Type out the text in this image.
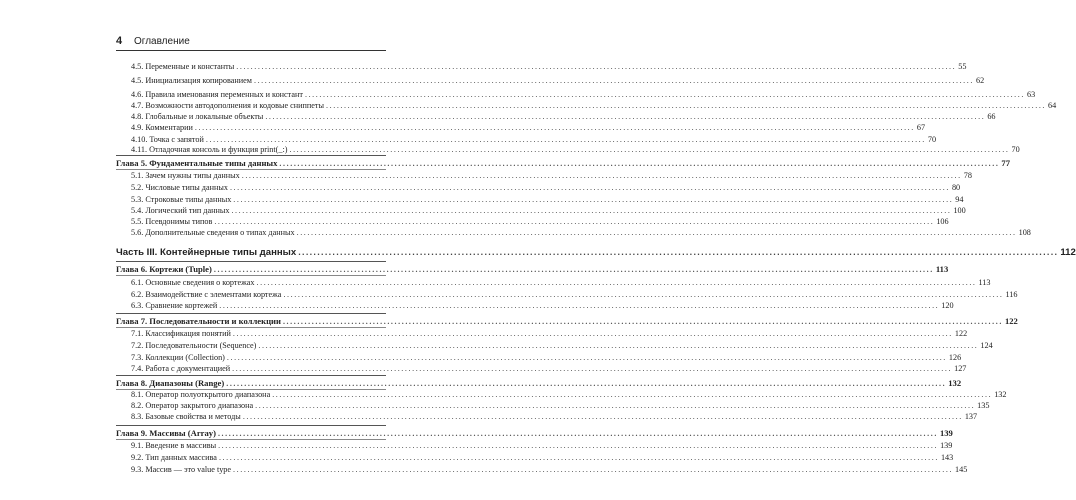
4 Оглавление
4.5. Переменные и константы ........................................................................................................................................................................................................ 55
4.5. Инициализация копированием ........................................................................................................................................................................................................ 62
4.6. Правила именования переменных и констант ........................................................................................................................................................................................................ 63
4.7. Возможности автодополнения и кодовые сниппеты ........................................................................................................................................................................................................ 64
4.8. Глобальные и локальные объекты ........................................................................................................................................................................................................ 66
4.9. Комментарии ........................................................................................................................................................................................................ 67
4.10. Точка с запятой ........................................................................................................................................................................................................ 70
4.11. Отладочная консоль и функция print(_:) ........................................................................................................................................................................................................ 70
Глава 5. Фундаментальные типы данных ........................................................................................................................................................................................................ 77
5.1. Зачем нужны типы данных ........................................................................................................................................................................................................ 78
5.2. Числовые типы данных ........................................................................................................................................................................................................ 80
5.3. Строковые типы данных ........................................................................................................................................................................................................ 94
5.4. Логический тип данных ........................................................................................................................................................................................................ 100
5.5. Псевдонимы типов ........................................................................................................................................................................................................ 106
5.6. Дополнительные сведения о типах данных ........................................................................................................................................................................................................ 108
Часть III. Контейнерные типы данных ........................................................................................................................................................................................................ 112
Глава 6. Кортежи (Tuple) ........................................................................................................................................................................................................ 113
6.1. Основные сведения о кортежах ........................................................................................................................................................................................................ 113
6.2. Взаимодействие с элементами кортежа ........................................................................................................................................................................................................ 116
6.3. Сравнение кортежей ........................................................................................................................................................................................................ 120
Глава 7. Последовательности и коллекции ........................................................................................................................................................................................................ 122
7.1. Классификация понятий ........................................................................................................................................................................................................ 122
7.2. Последовательности (Sequence) ........................................................................................................................................................................................................ 124
7.3. Коллекции (Collection) ........................................................................................................................................................................................................ 126
7.4. Работа с документацией ........................................................................................................................................................................................................ 127
Глава 8. Диапазоны (Range) ........................................................................................................................................................................................................ 132
8.1. Оператор полуоткрытого диапазона ........................................................................................................................................................................................................ 132
8.2. Оператор закрытого диапазона ........................................................................................................................................................................................................ 135
8.3. Базовые свойства и методы ........................................................................................................................................................................................................ 137
Глава 9. Массивы (Array) ........................................................................................................................................................................................................ 139
9.1. Введение в массивы ........................................................................................................................................................................................................ 139
9.2. Тип данных массива ........................................................................................................................................................................................................ 143
9.3. Массив — это value type ........................................................................................................................................................................................................ 145
